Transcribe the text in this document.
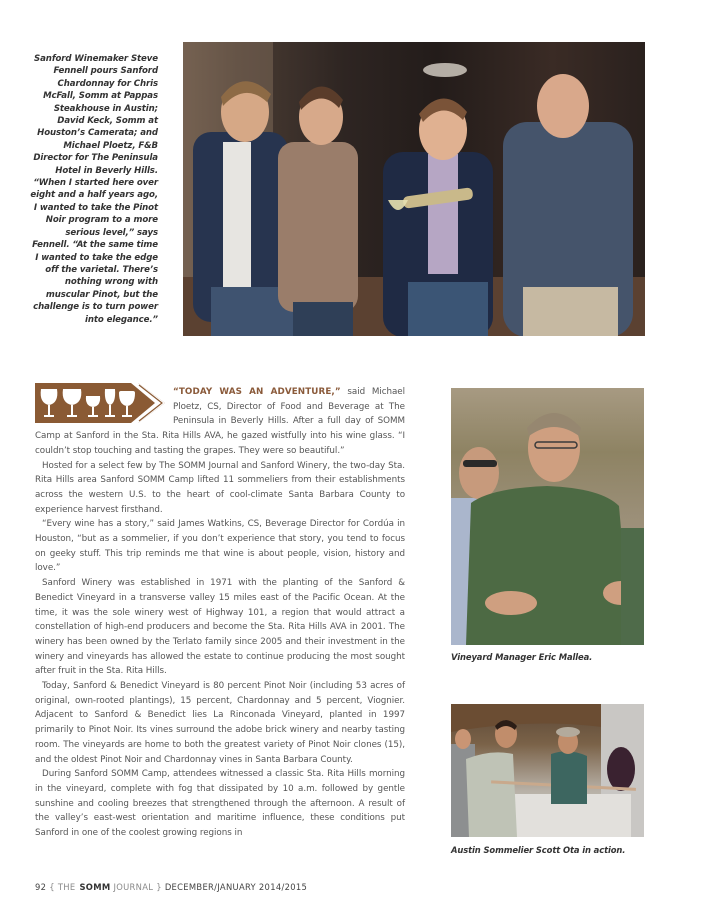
Sanford Winemaker Steve Fennell pours Sanford Chardonnay for Chris McFall, Somm at Pappas Steakhouse in Austin; David Keck, Somm at Houston’s Camerata; and Michael Ploetz, F&B Director for The Peninsula Hotel in Beverly Hills. “When I started here over eight and a half years ago, I wanted to take the Pinot Noir program to a more serious level,” says Fennell. “At the same time I wanted to take the edge off the varietal. There’s nothing wrong with muscular Pinot, but the challenge is to turn power into elegance.”

“TODAY WAS AN ADVENTURE,” said Michael Ploetz, CS, Director of Food and Beverage at The Peninsula in Beverly Hills. After a full day of SOMM Camp at Sanford in the Sta. Rita Hills AVA, he gazed wistfully into his wine glass. “I couldn’t stop touching and tasting the grapes. They were so beautiful.”

Hosted for a select few by The SOMM Journal and Sanford Winery, the two-day Sta. Rita Hills area Sanford SOMM Camp lifted 11 sommeliers from their establishments across the western U.S. to the heart of cool-climate Santa Barbara County to experience harvest firsthand.

“Every wine has a story,” said James Watkins, CS, Beverage Director for Cordúa in Houston, “but as a sommelier, if you don’t experience that story, you tend to focus on geeky stuff. This trip reminds me that wine is about people, vision, history and love.”

Sanford Winery was established in 1971 with the planting of the Sanford & Benedict Vineyard in a transverse valley 15 miles east of the Pacific Ocean. At the time, it was the sole winery west of Highway 101, a region that would attract a constellation of high-end producers and become the Sta. Rita Hills AVA in 2001. The winery has been owned by the Terlato family since 2005 and their investment in the winery and vineyards has allowed the estate to continue producing the most sought after fruit in the Sta. Rita Hills.

Today, Sanford & Benedict Vineyard is 80 percent Pinot Noir (including 53 acres of original, own-rooted plantings), 15 percent, Chardonnay and 5 percent, Viognier. Adjacent to Sanford & Benedict lies La Rinconada Vineyard, planted in 1997 primarily to Pinot Noir. Its vines surround the adobe brick winery and nearby tasting room. The vineyards are home to both the greatest variety of Pinot Noir clones (15), and the oldest Pinot Noir and Chardonnay vines in Santa Barbara County.

During Sanford SOMM Camp, attendees witnessed a classic Sta. Rita Hills morning in the vineyard, complete with fog that dissipated by 10 a.m. followed by gentle sunshine and cooling breezes that strengthened through the afternoon. A result of the valley’s east-west orientation and maritime influence, these conditions put Sanford in one of the coolest growing regions in

Vineyard Manager Eric Mallea.
Austin Sommelier Scott Ota in action.
92 { THE SOMM JOURNAL } DECEMBER/JANUARY 2014/2015
